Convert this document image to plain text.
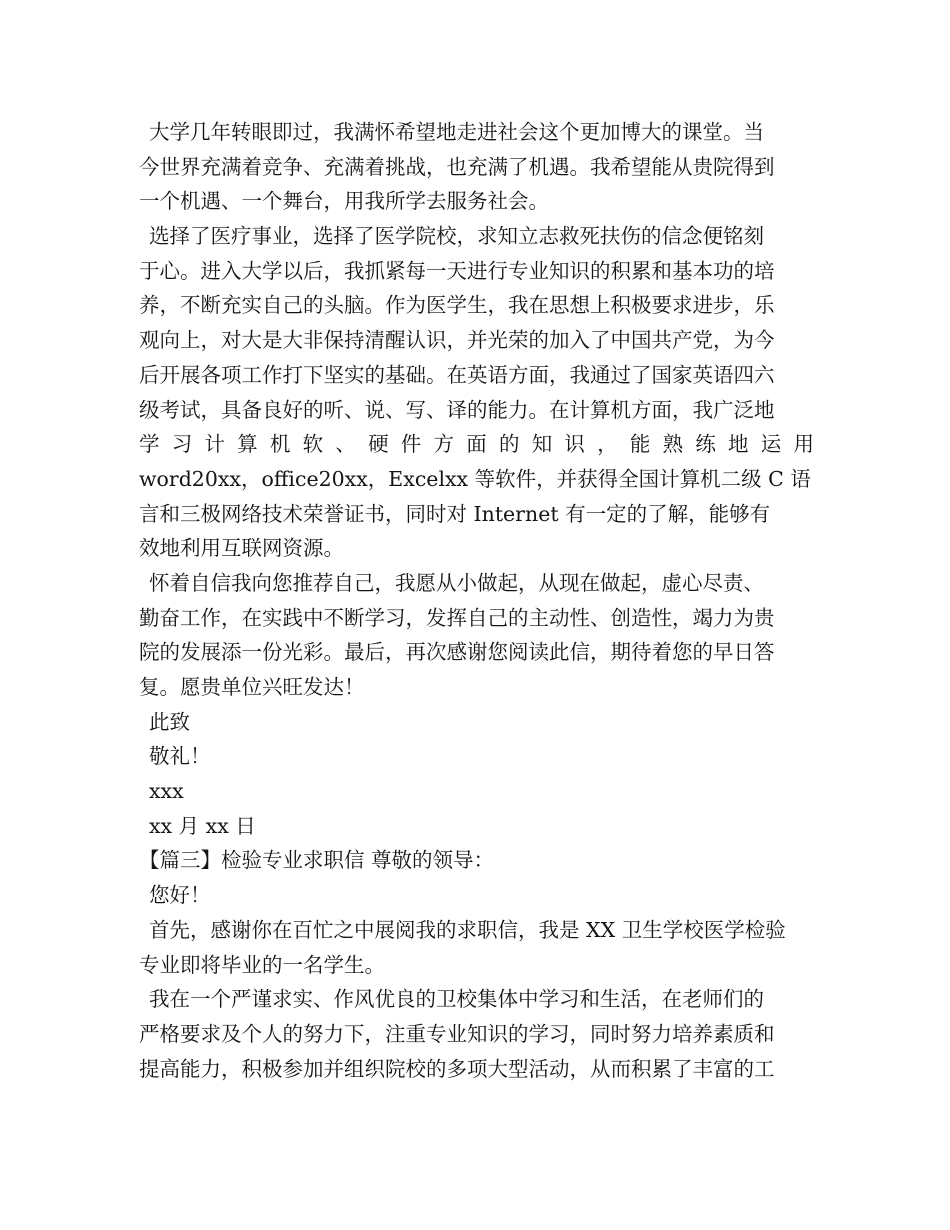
大学几年转眼即过，我满怀希望地走进社会这个更加博大的课堂。当
今世界充满着竞争、充满着挑战，也充满了机遇。我希望能从贵院得到
一个机遇、一个舞台，用我所学去服务社会。
选择了医疗事业，选择了医学院校，求知立志救死扶伤的信念便铭刻
于心。进入大学以后，我抓紧每一天进行专业知识的积累和基本功的培
养，不断充实自己的头脑。作为医学生，我在思想上积极要求进步，乐
观向上，对大是大非保持清醒认识，并光荣的加入了中国共产党，为今
后开展各项工作打下坚实的基础。在英语方面，我通过了国家英语四六
级考试，具备良好的听、说、写、译的能力。在计算机方面，我广泛地
学 习 计 算 机 软 、 硬 件 方 面 的 知 识 ， 能 熟 练 地 运 用
word20xx，office20xx，Excelxx 等软件，并获得全国计算机二级 C 语
言和三极网络技术荣誉证书，同时对 Internet 有一定的了解，能够有
效地利用互联网资源。
怀着自信我向您推荐自己，我愿从小做起，从现在做起，虚心尽责、
勤奋工作，在实践中不断学习，发挥自己的主动性、创造性，竭力为贵
院的发展添一份光彩。最后，再次感谢您阅读此信，期待着您的早日答
复。愿贵单位兴旺发达！
此致
敬礼！
xxx
xx 月 xx 日
【篇三】检验专业求职信 尊敬的领导：
您好！
首先，感谢你在百忙之中展阅我的求职信，我是 XX 卫生学校医学检验
专业即将毕业的一名学生。
我在一个严谨求实、作风优良的卫校集体中学习和生活，在老师们的
严格要求及个人的努力下，注重专业知识的学习，同时努力培养素质和
提高能力，积极参加并组织院校的多项大型活动，从而积累了丰富的工
